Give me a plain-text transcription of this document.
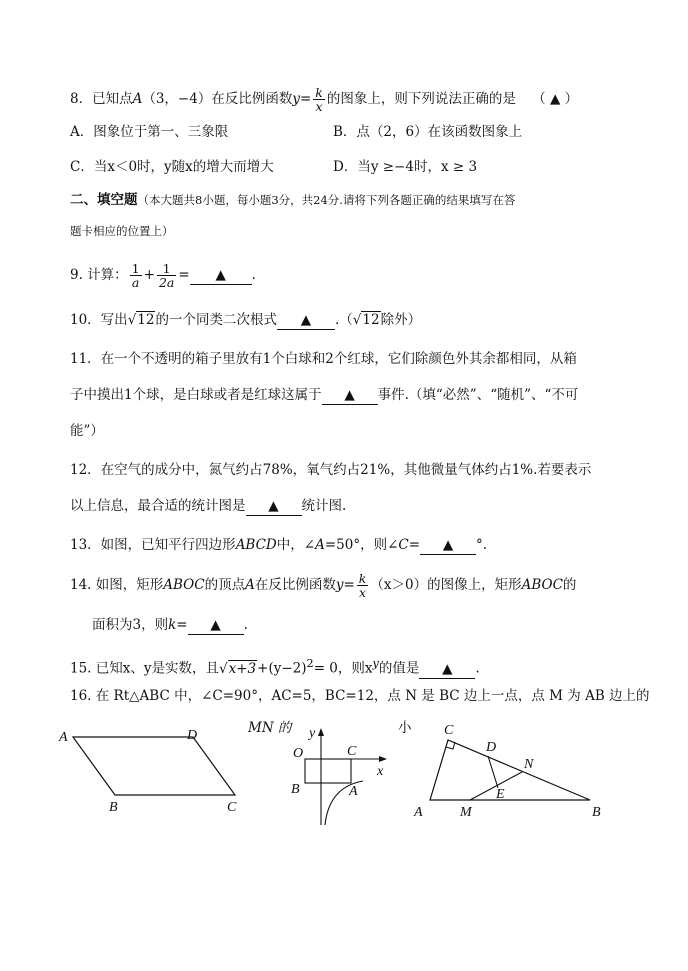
8．已知点A（3，−4）在反比例函数$y= \frac{k}{x}$ 的图象上，则下列说法正确的是 （ ▲ ）
A．图象位于第一、三象限	B．点（2，6）在该函数图象上
C．当x＜0时，y随x的增大而增大	D．当y ≥−4时，x ≥ 3
二、填空题（本大题共8小题，每小题3分，共24分.请将下列各题正确的结果填写在答
题卡相应的位置上）
9. 计算： $\frac{1}{a} + \frac{1}{2a}$ = ▲ .
10．写出√12的一个同类二次根式 ▲ .（√12除外）
11．在一个不透明的箱子里放有1个白球和2个红球，它们除颜色外其余都相同，从箱
子中摸出1个球，是白球或者是红球这属于 ▲ 事件.（填“必然”、“随机”、“不可
能”）
12．在空气的成分中，氮气约占78%，氧气约占21%，其他微量气体约占1%.若要表示
以上信息，最合适的统计图是 ▲ 统计图.
13．如图，已知平行四边形ABCD中，∠A=50°，则∠C= ▲ °.
14. 如图，矩形ABOC的顶点A在反比例函数$y= \frac{k}{x} (x>0)$的图像上，矩形ABOC的
面积为3，则k= ▲ .
15. 已知x、y是实数，且$√x+3+(y-2)^2= 0$，则$x^y$的值是 ▲ .
16. 在 Rt△ABC 中，∠C=90°，AC=5，BC=12，点 N 是 BC 边上一点，点 M 为 AB 边上的
MN 的	小
A	D
B	C
y
O	C
x
B	A
C
D
N
E
A	M	B
